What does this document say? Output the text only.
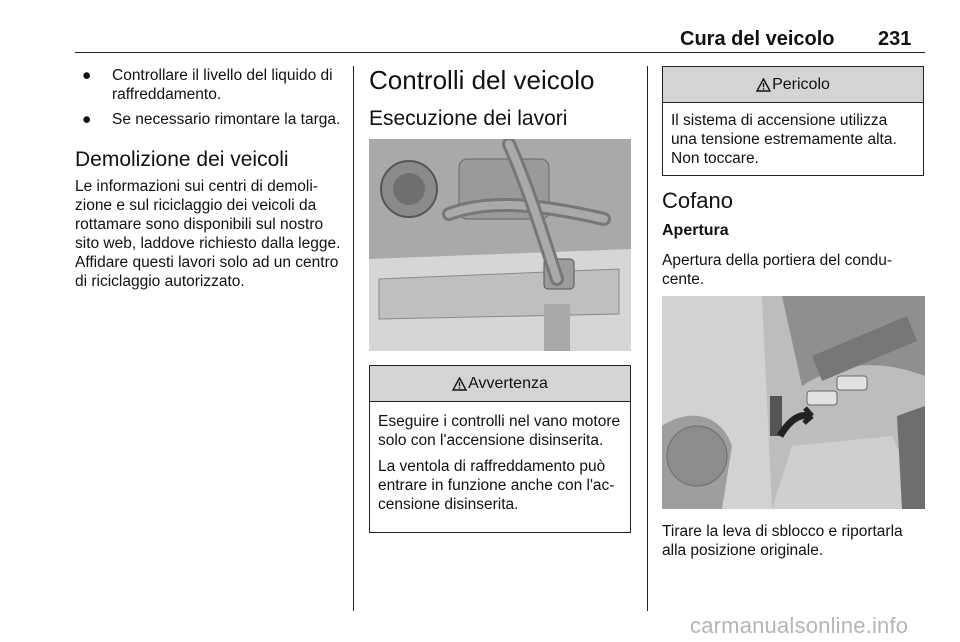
Cura del veicolo 231
● Controllare il livello del liquido di raffreddamento.
● Se necessario rimontare la targa.
Demolizione dei veicoli
Le informazioni sui centri di demoli-zione e sul riciclaggio dei veicoli da rottamare sono disponibili sul nostro sito web, laddove richiesto dalla legge. Affidare questi lavori solo ad un centro di riciclaggio autorizzato.
Controlli del veicolo
Esecuzione dei lavori
Avvertenza

Eseguire i controlli nel vano motore solo con l'accensione disinserita.

La ventola di raffreddamento può entrare in funzione anche con l'ac-censione disinserita.

Pericolo

Il sistema di accensione utilizza una tensione estremamente alta. Non toccare.

Cofano
Apertura
Apertura della portiera del condu-cente.
Tirare la leva di sblocco e riportarla alla posizione originale.
carmanualsonline.info
